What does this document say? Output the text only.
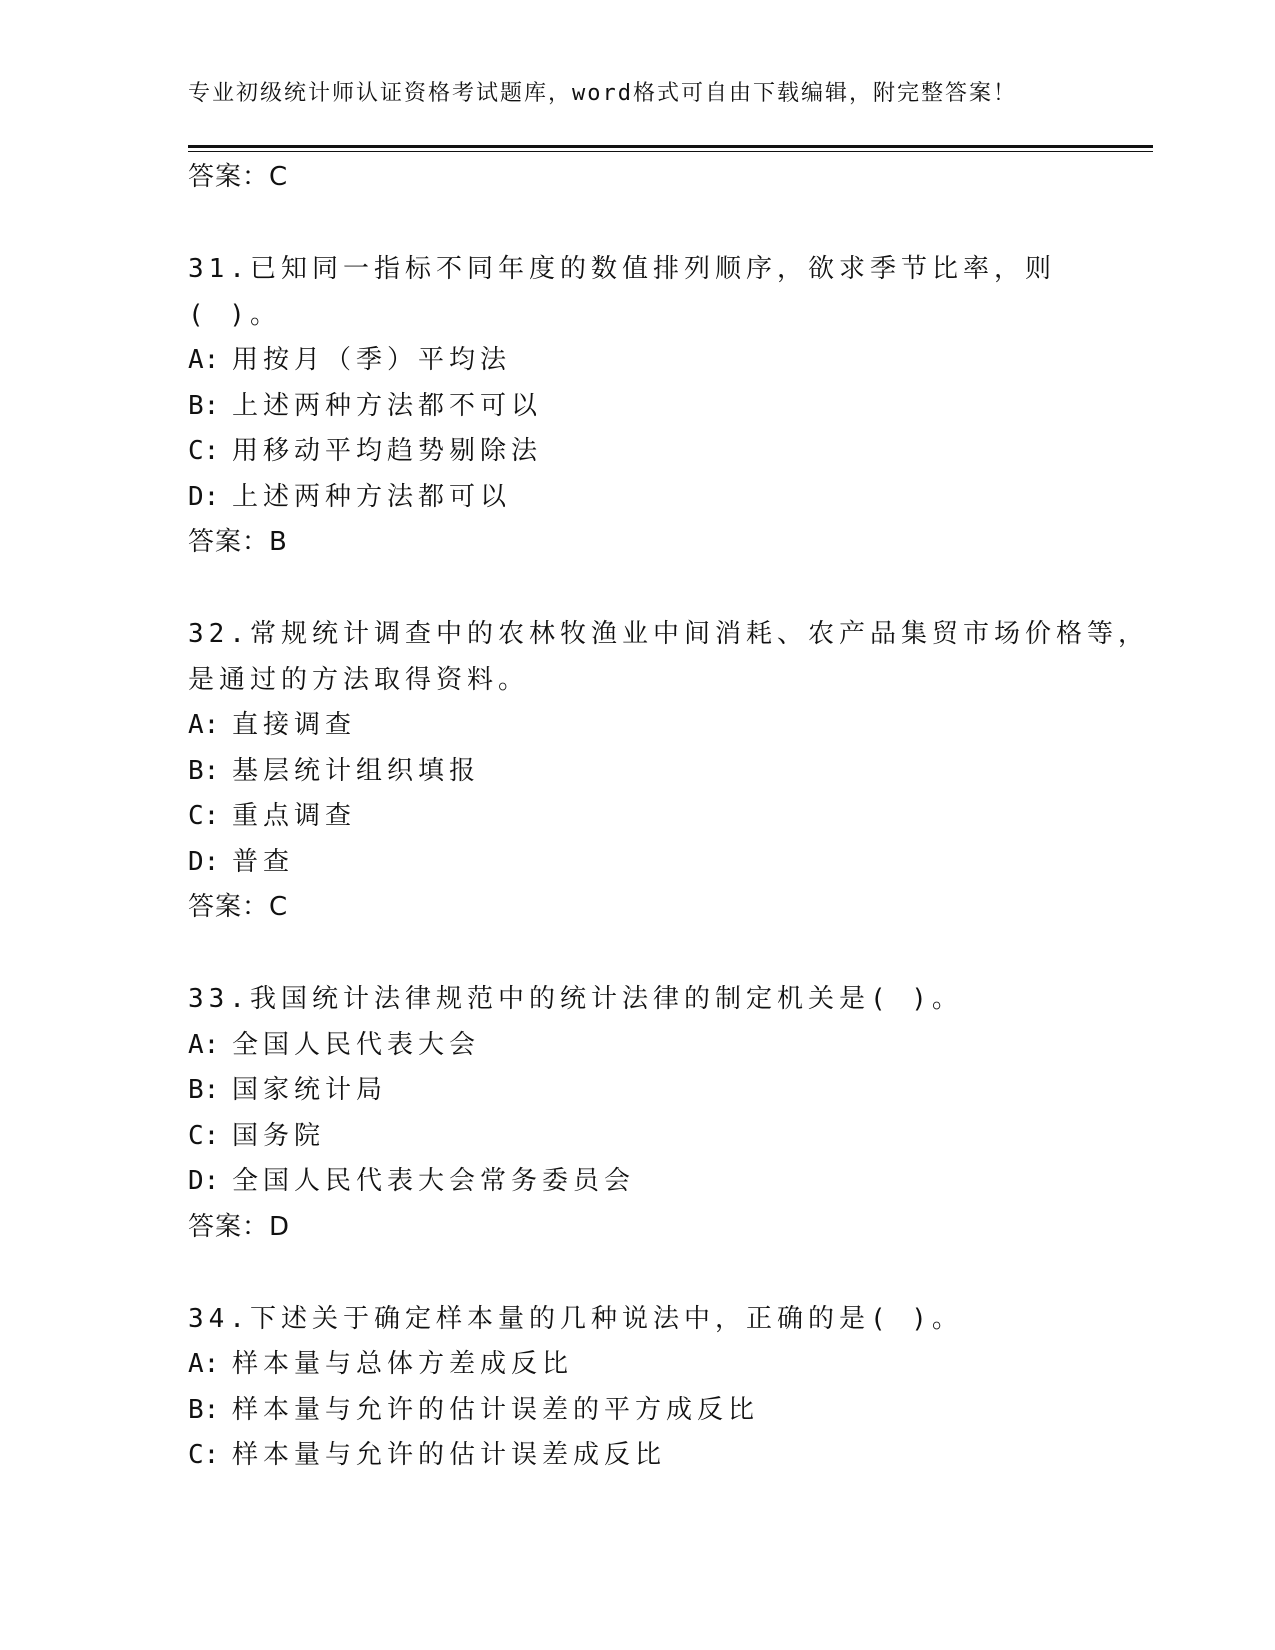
专业初级统计师认证资格考试题库，word格式可自由下载编辑，附完整答案！
答案：C
31.已知同一指标不同年度的数值排列顺序，欲求季节比率，则
( )。
A: 用按月（季）平均法
B: 上述两种方法都不可以
C: 用移动平均趋势剔除法
D: 上述两种方法都可以
答案：B
32.常规统计调查中的农林牧渔业中间消耗、农产品集贸市场价格等，
是通过的方法取得资料。
A: 直接调查
B: 基层统计组织填报
C: 重点调查
D: 普查
答案：C
33.我国统计法律规范中的统计法律的制定机关是( )。
A: 全国人民代表大会
B: 国家统计局
C: 国务院
D: 全国人民代表大会常务委员会
答案：D
34.下述关于确定样本量的几种说法中，正确的是( )。
A: 样本量与总体方差成反比
B: 样本量与允许的估计误差的平方成反比
C: 样本量与允许的估计误差成反比
